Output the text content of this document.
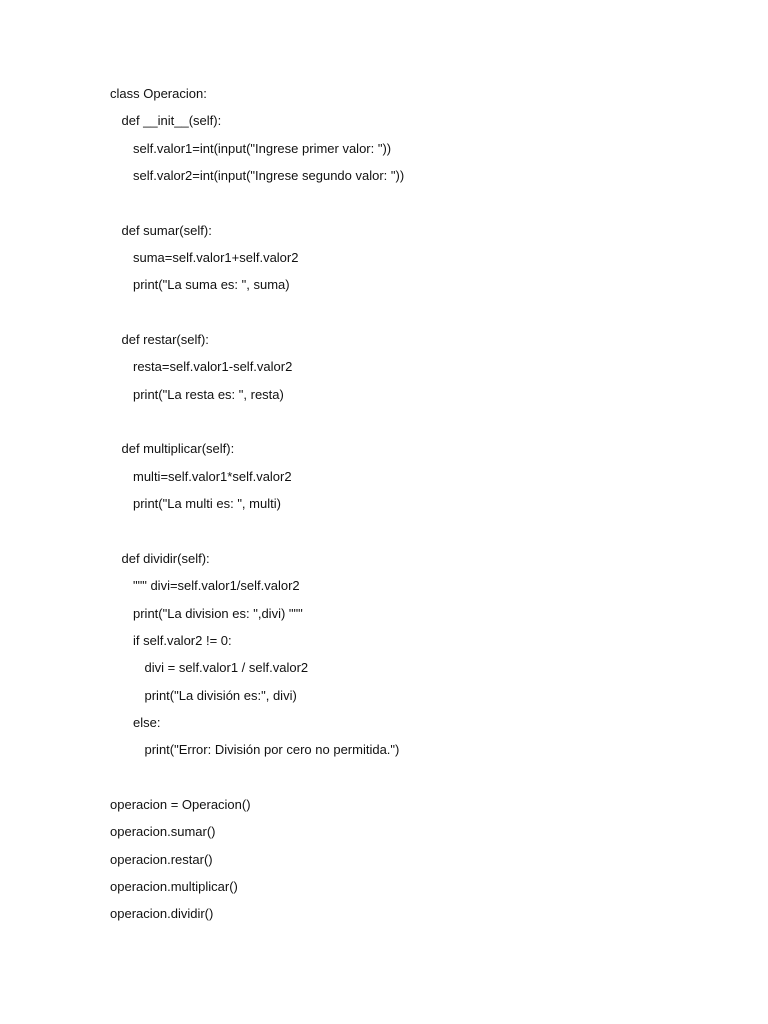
class Operacion:
def __init__(self):
self.valor1=int(input("Ingrese primer valor: "))
self.valor2=int(input("Ingrese segundo valor: "))
def sumar(self):
suma=self.valor1+self.valor2
print("La suma es: ", suma)
def restar(self):
resta=self.valor1-self.valor2
print("La resta es: ", resta)
def multiplicar(self):
multi=self.valor1*self.valor2
print("La multi es: ", multi)
def dividir(self):
""" divi=self.valor1/self.valor2
print("La division es: ",divi) """
if self.valor2 != 0:
divi = self.valor1 / self.valor2
print("La división es:", divi)
else:
print("Error: División por cero no permitida.")
operacion = Operacion()
operacion.sumar()
operacion.restar()
operacion.multiplicar()
operacion.dividir()
